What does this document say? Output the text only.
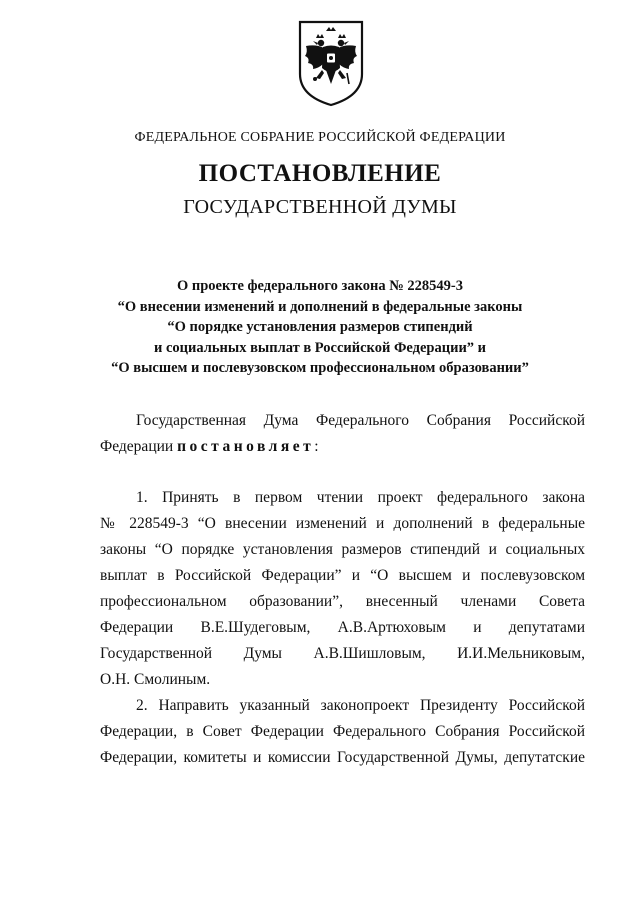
ФЕДЕРАЛЬНОЕ СОБРАНИЕ РОССИЙСКОЙ ФЕДЕРАЦИИ
ПОСТАНОВЛЕНИЕ
ГОСУДАРСТВЕННОЙ ДУМЫ
О проекте федерального закона № 228549-3
“О внесении изменений и дополнений в федеральные законы
“О порядке установления размеров стипендий
и социальных выплат в Российской Федерации” и
“О высшем и послевузовском профессиональном образовании”
Государственная Дума Федерального Собрания Российской
Федерации постановляет:
1. Принять в первом чтении проект федерального закона
№ 228549-3 “О внесении изменений и дополнений в федеральные
законы “О порядке установления размеров стипендий и социальных
выплат в Российской Федерации” и “О высшем и послевузовском
профессиональном образовании”, внесенный членами Совета
Федерации В.Е.Шудеговым, А.В.Артюховым и депутатами
Государственной Думы А.В.Шишловым, И.И.Мельниковым,
О.Н. Смолиным.
2. Направить указанный законопроект Президенту Российской
Федерации, в Совет Федерации Федерального Собрания Российской
Федерации, комитеты и комиссии Государственной Думы, депутатские
